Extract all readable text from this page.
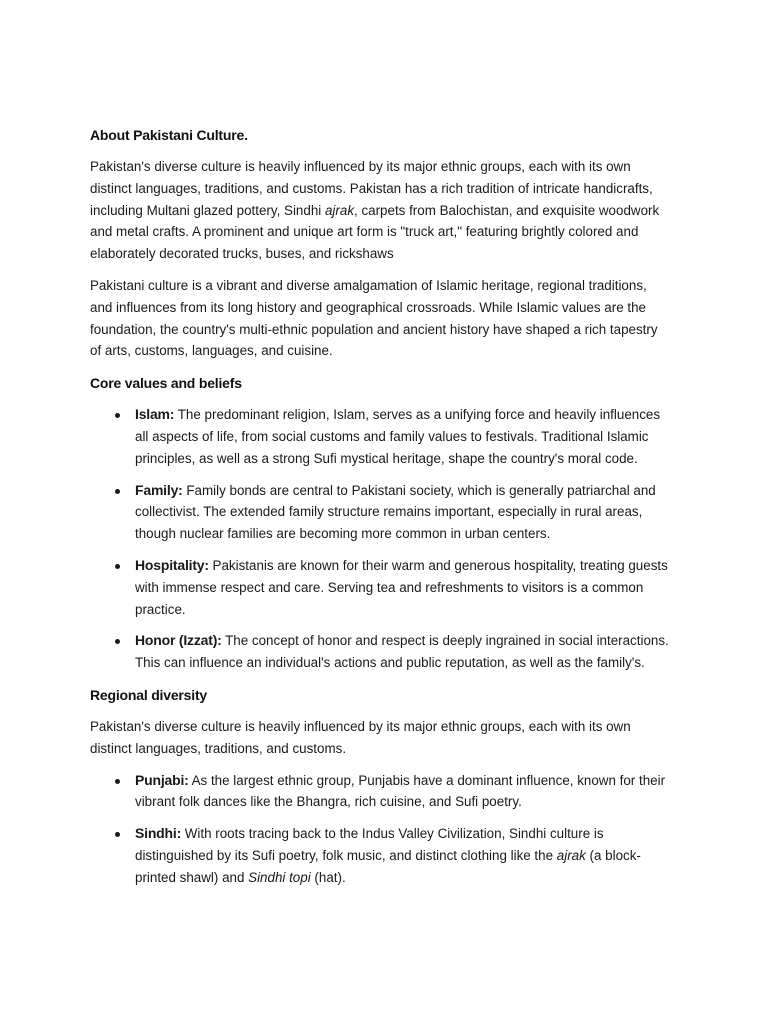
About Pakistani Culture.

Pakistan's diverse culture is heavily influenced by its major ethnic groups, each with its own distinct languages, traditions, and customs. Pakistan has a rich tradition of intricate handicrafts, including Multani glazed pottery, Sindhi ajrak, carpets from Balochistan, and exquisite woodwork and metal crafts. A prominent and unique art form is "truck art," featuring brightly colored and elaborately decorated trucks, buses, and rickshaws

Pakistani culture is a vibrant and diverse amalgamation of Islamic heritage, regional traditions, and influences from its long history and geographical crossroads. While Islamic values are the foundation, the country's multi-ethnic population and ancient history have shaped a rich tapestry of arts, customs, languages, and cuisine.

Core values and beliefs
Islam: The predominant religion, Islam, serves as a unifying force and heavily influences all aspects of life, from social customs and family values to festivals. Traditional Islamic principles, as well as a strong Sufi mystical heritage, shape the country's moral code.
Family: Family bonds are central to Pakistani society, which is generally patriarchal and collectivist. The extended family structure remains important, especially in rural areas, though nuclear families are becoming more common in urban centers.
Hospitality: Pakistanis are known for their warm and generous hospitality, treating guests with immense respect and care. Serving tea and refreshments to visitors is a common practice.
Honor (Izzat): The concept of honor and respect is deeply ingrained in social interactions. This can influence an individual's actions and public reputation, as well as the family's.
Regional diversity

Pakistan's diverse culture is heavily influenced by its major ethnic groups, each with its own distinct languages, traditions, and customs.

Punjabi: As the largest ethnic group, Punjabis have a dominant influence, known for their vibrant folk dances like the Bhangra, rich cuisine, and Sufi poetry.
Sindhi: With roots tracing back to the Indus Valley Civilization, Sindhi culture is distinguished by its Sufi poetry, folk music, and distinct clothing like the ajrak (a block-printed shawl) and Sindhi topi (hat).
